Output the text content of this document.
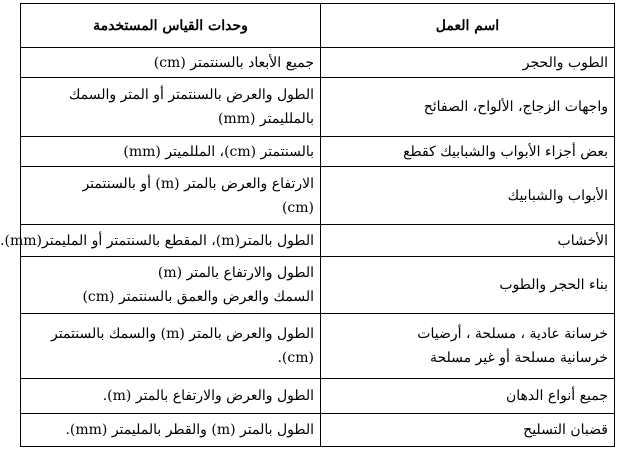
اسم العمل	وحدات القياس المستخدمة

الطوب والحجر	جميع الأبعاد بالسنتمتر (cm)

واجهات الزجاج، الألواح، الصفائح	الطول والعرض بالسنتمتر أو المتر والسمك
بالملليمتر (mm)

بعض أجزاء الأبواب والشبابيك كقطع	بالسنتمتر (cm)، المللميتر (mm)

الأبواب والشبابيك	الارتفاع والعرض بالمتر (m) أو بالسنتمتر
(cm)

الأخشاب	الطول بالمتر(m)، المقطع بالسنتمتر أو المليمتر(mm).

بناء الحجر والطوب	الطول والارتفاع بالمتر (m)
السمك والعرض والعمق بالسنتمتر (cm)

خرسانة عادية ، مسلحة ، أرضيات
خرسانية مسلحة أو غير مسلحة	الطول والعرض بالمتر (m) والسمك بالسنتمتر
(cm).

جميع أنواع الدهان	الطول والعرض والارتفاع بالمتر (m).

قضبان التسليح	الطول بالمتر (m) والقطر بالمليمتر (mm).
